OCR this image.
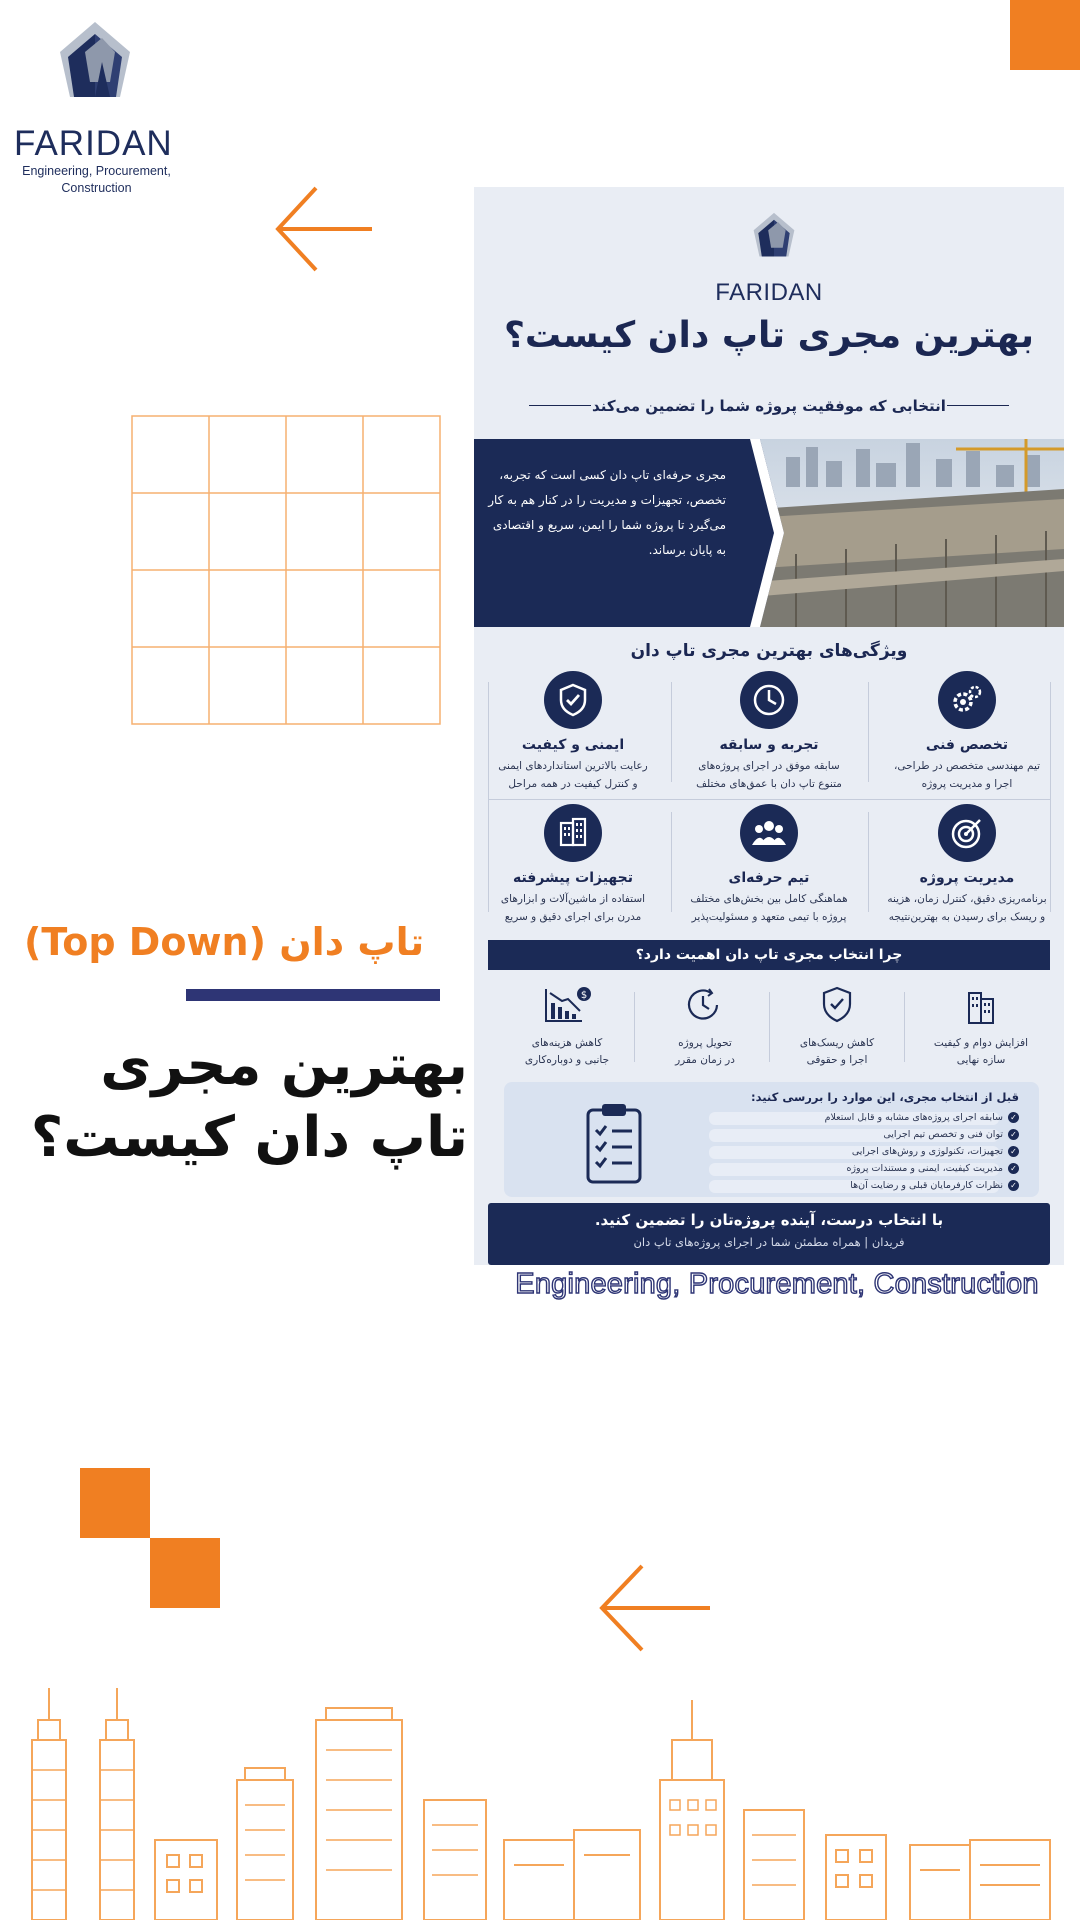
FARIDAN
Engineering, Procurement, Construction
تاپ دان (Top Down)
بهترین مجری
تاپ دان کیست؟
FARIDAN
بهترین مجری تاپ دان کیست؟
انتخابی که موفقیت پروژه شما را تضمین می‌کند
مجری حرفه‌ای تاپ دان کسی است که تجربه، تخصص، تجهیزات و مدیریت را در کنار هم به کار می‌گیرد تا پروژه شما را ایمن، سریع و اقتصادی به پایان برساند.
ویژگی‌های بهترین مجری تاپ دان
تخصص فنی
تیم مهندسی متخصص در طراحی،
اجرا و مدیریت پروژه
تجربه و سابقه
سابقه موفق در اجرای پروژه‌های
متنوع تاپ دان با عمق‌های مختلف
ایمنی و کیفیت
رعایت بالاترین استانداردهای ایمنی
و کنترل کیفیت در همه مراحل
مدیریت پروژه
برنامه‌ریزی دقیق، کنترل زمان، هزینه
و ریسک برای رسیدن به بهترین‌نتیجه
تیم حرفه‌ای
هماهنگی کامل بین بخش‌های مختلف
پروژه با تیمی متعهد و مسئولیت‌پذیر
تجهیزات پیشرفته
استفاده از ماشین‌آلات و ابزارهای
مدرن برای اجرای دقیق و سریع
چرا انتخاب مجری تاپ دان اهمیت دارد؟
افزایش دوام و کیفیت
سازه نهایی
کاهش ریسک‌های
اجرا و حقوقی
تحویل پروژه
در زمان مقرر
$
کاهش هزینه‌های
جانبی و دوباره‌کاری
قبل از انتخاب مجری، این موارد را بررسی کنید:
✓
سابقه اجرای پروژه‌های مشابه و قابل استعلام
✓
توان فنی و تخصص تیم اجرایی
✓
تجهیزات، تکنولوژی و روش‌های اجرایی
✓
مدیریت کیفیت، ایمنی و مستندات پروژه
✓
نظرات کارفرمایان قبلی و رضایت آن‌ها
با انتخاب درست، آینده پروژه‌تان را تضمین کنید.
فریدان | همراه مطمئن شما در اجرای پروژه‌های تاپ دان
Engineering, Procurement, Construction
